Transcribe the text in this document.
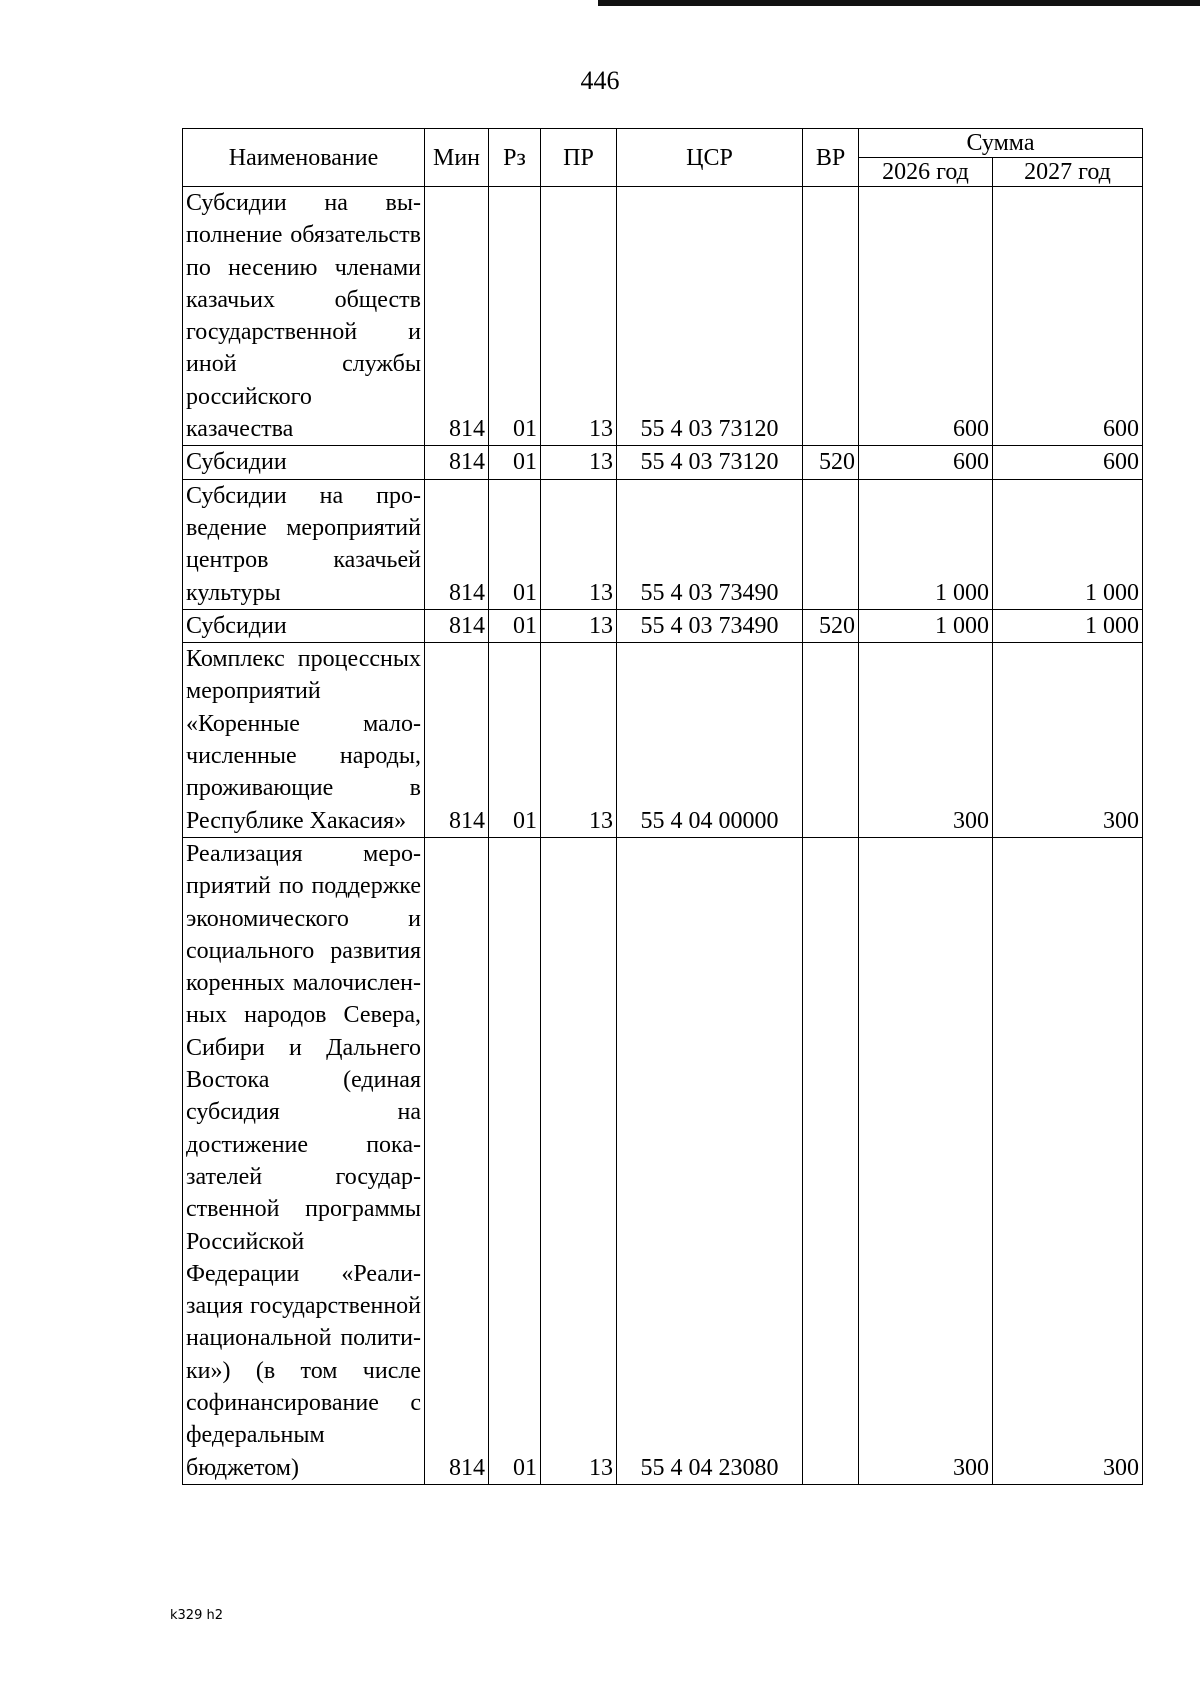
446
Наименование	Мин	Рз	ПР	ЦСР	ВР	Сумма	
						2026 год	2027 год
Субсидии на выполнение обязательств по несению членами казачьих обществ государственной и иной службы российского казачества	814	01	13	55 4 03 73120		600	600
Субсидии	814	01	13	55 4 03 73120	520	600	600
Субсидии на проведение мероприятий центров казачьей культуры	814	01	13	55 4 03 73490		1 000	1 000
Субсидии	814	01	13	55 4 03 73490	520	1 000	1 000
Комплекс процессных мероприятий «Коренные малочисленные народы, проживающие в Республике Хакасия»	814	01	13	55 4 04 00000		300	300
Реализация мероприятий по поддержке экономического и социального развития коренных малочисленных народов Севера, Сибири и Дальнего Востока (единая субсидия на достижение показателей государственной программы Российской Федерации «Реализация государственной национальной политики») (в том числе софинансирование с федеральным бюджетом)	814	01	13	55 4 04 23080		300	300
k329 h2
